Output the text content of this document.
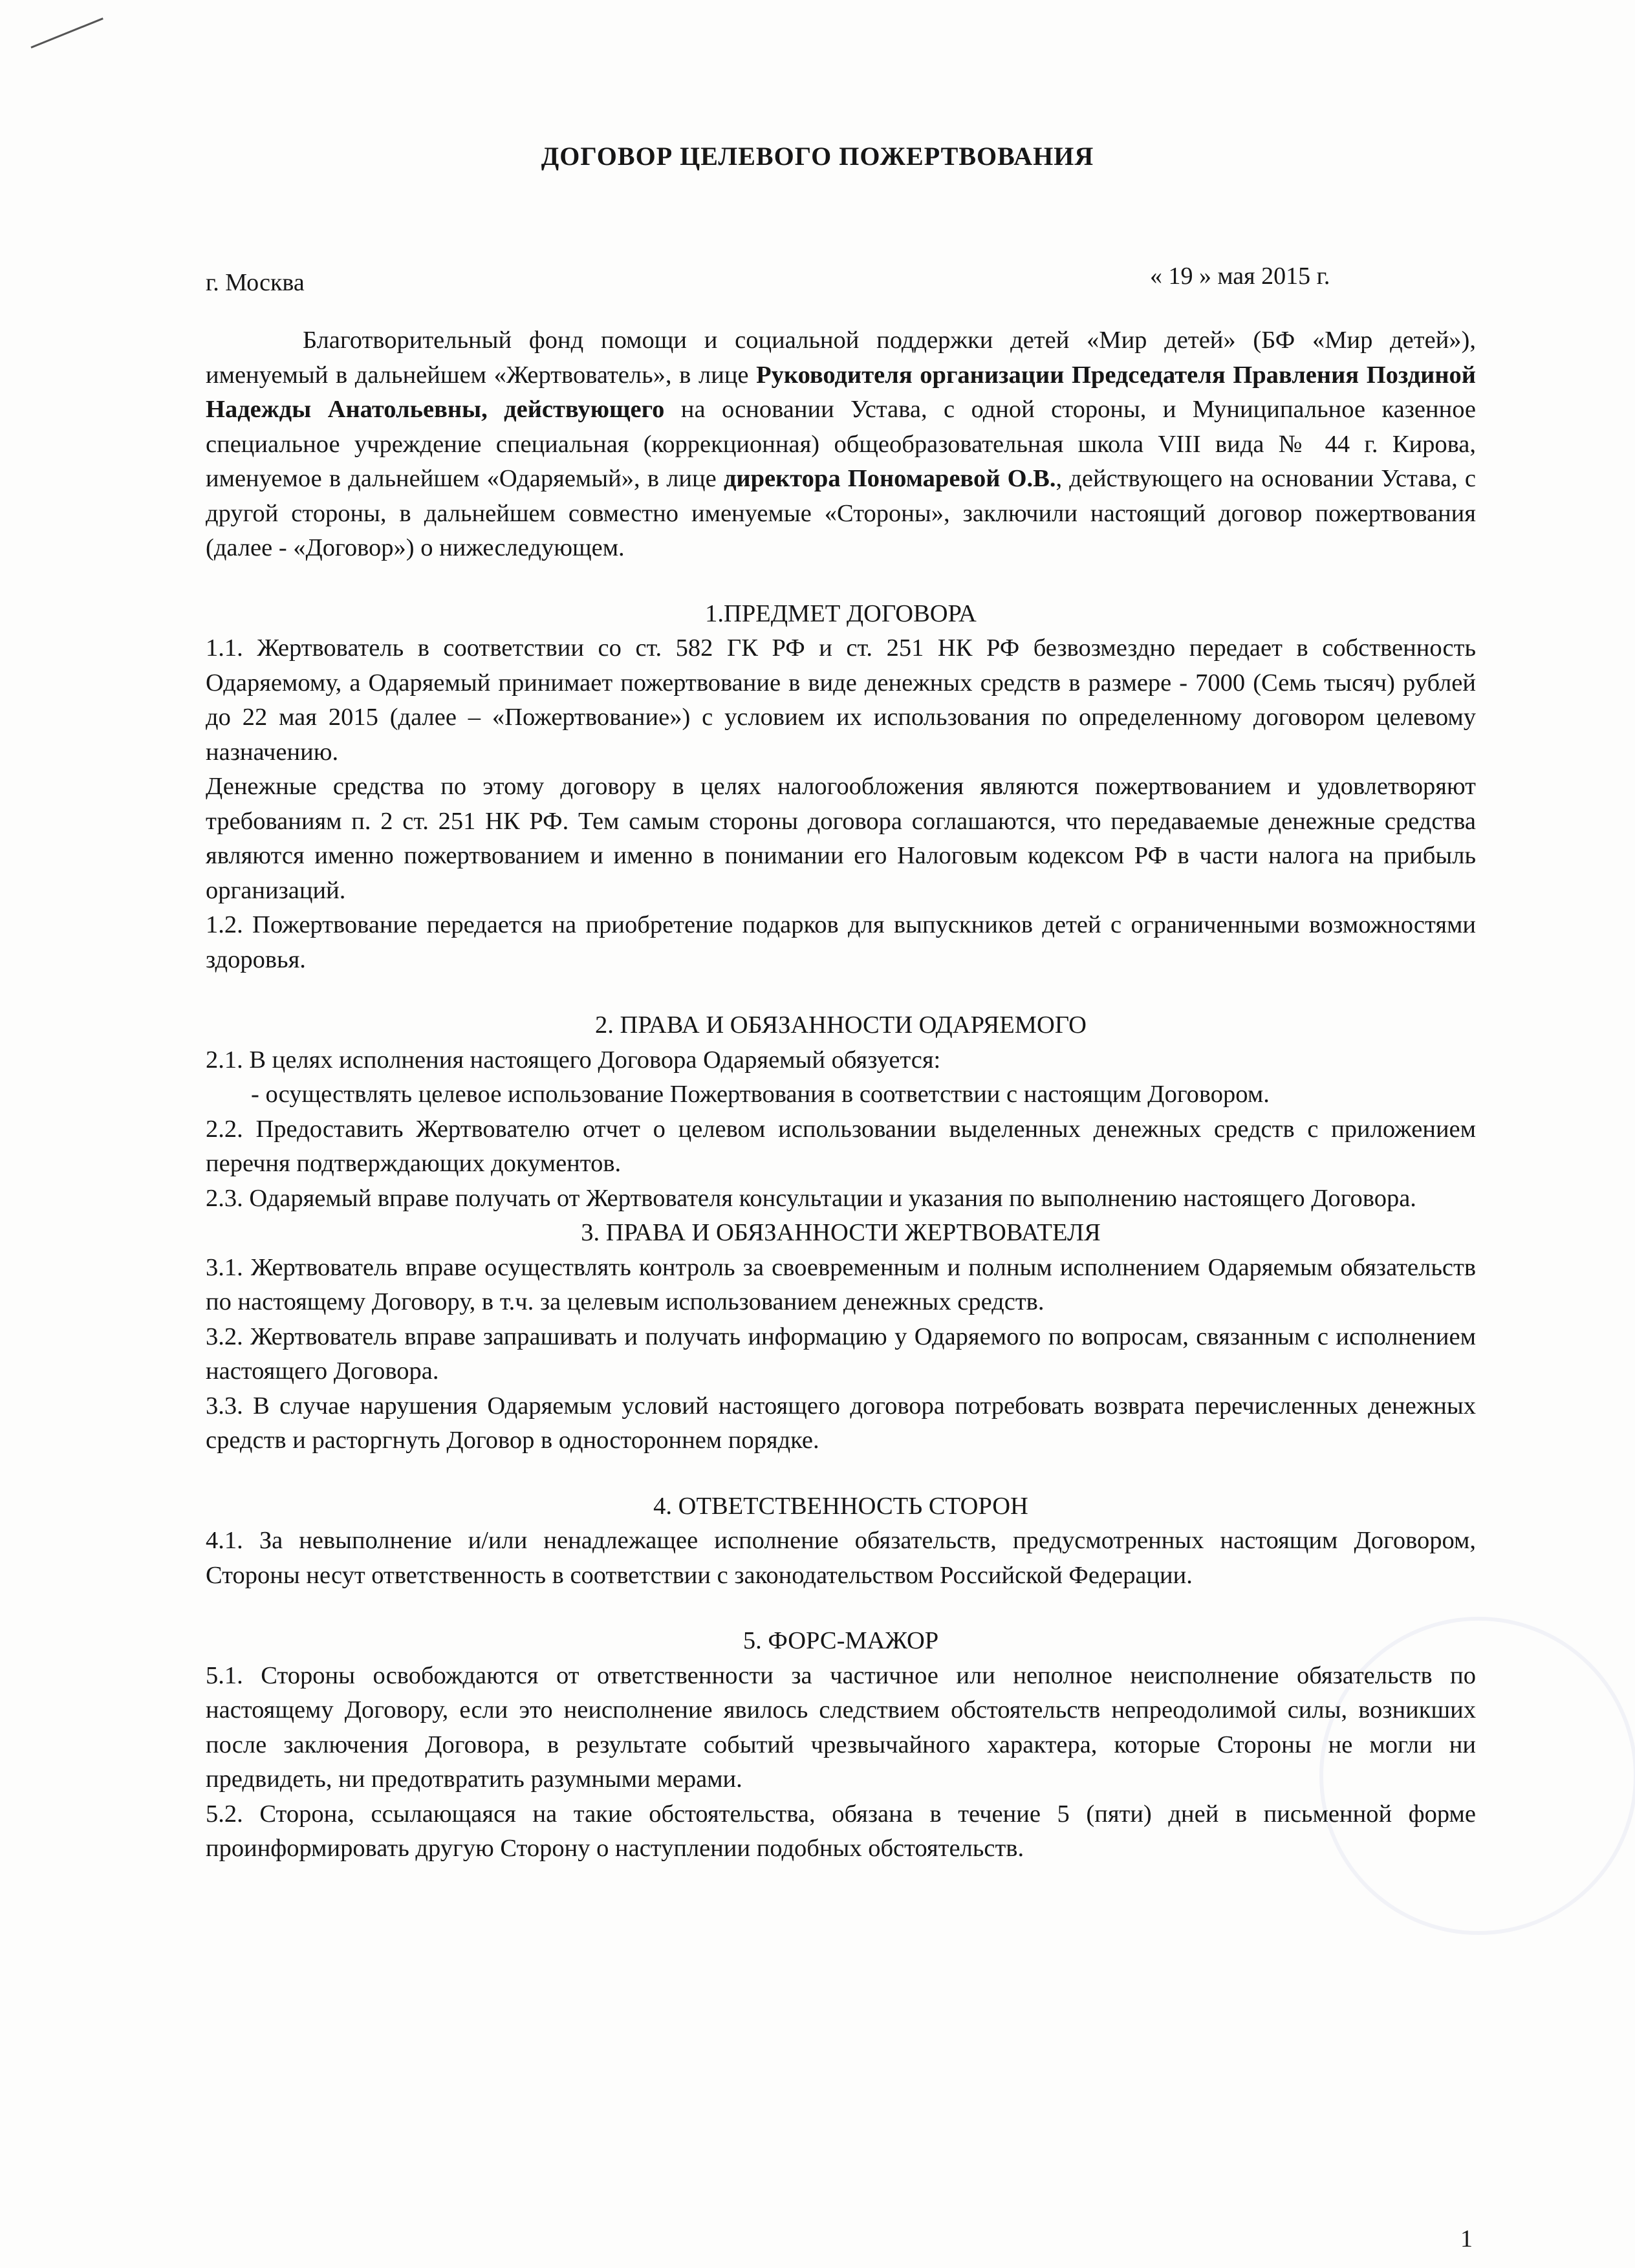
ДОГОВОР ЦЕЛЕВОГО ПОЖЕРТВОВАНИЯ
г. Москва	« 19 » мая 2015 г.

Благотворительный фонд помощи и социальной поддержки детей «Мир детей» (БФ «Мир детей»), именуемый в дальнейшем «Жертвователь», в лице Руководителя организации Председателя Правления Поздиной Надежды Анатольевны, действующего на основании Устава, с одной стороны, и Муниципальное казенное специальное учреждение специальная (коррекционная) общеобразовательная школа VIII вида № 44 г. Кирова, именуемое в дальнейшем «Одаряемый», в лице директора Пономаревой О.В., действующего на основании Устава, с другой стороны, в дальнейшем совместно именуемые «Стороны», заключили настоящий договор пожертвования (далее - «Договор») о нижеследующем.

1.ПРЕДМЕТ ДОГОВОРА

1.1. Жертвователь в соответствии со ст. 582 ГК РФ и ст. 251 НК РФ безвозмездно передает в собственность Одаряемому, а Одаряемый принимает пожертвование в виде денежных средств в размере - 7000 (Семь тысяч) рублей до 22 мая 2015 (далее – «Пожертвование») с условием их использования по определенному договором целевому назначению.

Денежные средства по этому договору в целях налогообложения являются пожертвованием и удовлетворяют требованиям п. 2 ст. 251 НК РФ. Тем самым стороны договора соглашаются, что передаваемые денежные средства являются именно пожертвованием и именно в понимании его Налоговым кодексом РФ в части налога на прибыль организаций.

1.2. Пожертвование передается на приобретение подарков для выпускников детей с ограниченными возможностями здоровья.

2. ПРАВА И ОБЯЗАННОСТИ ОДАРЯЕМОГО

2.1. В целях исполнения настоящего Договора Одаряемый обязуется:

- осуществлять целевое использование Пожертвования в соответствии с настоящим Договором.

2.2. Предоставить Жертвователю отчет о целевом использовании выделенных денежных средств с приложением перечня подтверждающих документов.

2.3. Одаряемый вправе получать от Жертвователя консультации и указания по выполнению настоящего Договора.

3. ПРАВА И ОБЯЗАННОСТИ ЖЕРТВОВАТЕЛЯ

3.1. Жертвователь вправе осуществлять контроль за своевременным и полным исполнением Одаряемым обязательств по настоящему Договору, в т.ч. за целевым использованием денежных средств.

3.2. Жертвователь вправе запрашивать и получать информацию у Одаряемого по вопросам, связанным с исполнением настоящего Договора.

3.3. В случае нарушения Одаряемым условий настоящего договора потребовать возврата перечисленных денежных средств и расторгнуть Договор в одностороннем порядке.

4. ОТВЕТСТВЕННОСТЬ СТОРОН

4.1. За невыполнение и/или ненадлежащее исполнение обязательств, предусмотренных настоящим Договором, Стороны несут ответственность в соответствии с законодательством Российской Федерации.

5. ФОРС-МАЖОР

5.1. Стороны освобождаются от ответственности за частичное или неполное неисполнение обязательств по настоящему Договору, если это неисполнение явилось следствием обстоятельств непреодолимой силы, возникших после заключения Договора, в результате событий чрезвычайного характера, которые Стороны не могли ни предвидеть, ни предотвратить разумными мерами.

5.2. Сторона, ссылающаяся на такие обстоятельства, обязана в течение 5 (пяти) дней в письменной форме проинформировать другую Сторону о наступлении подобных обстоятельств.

1
